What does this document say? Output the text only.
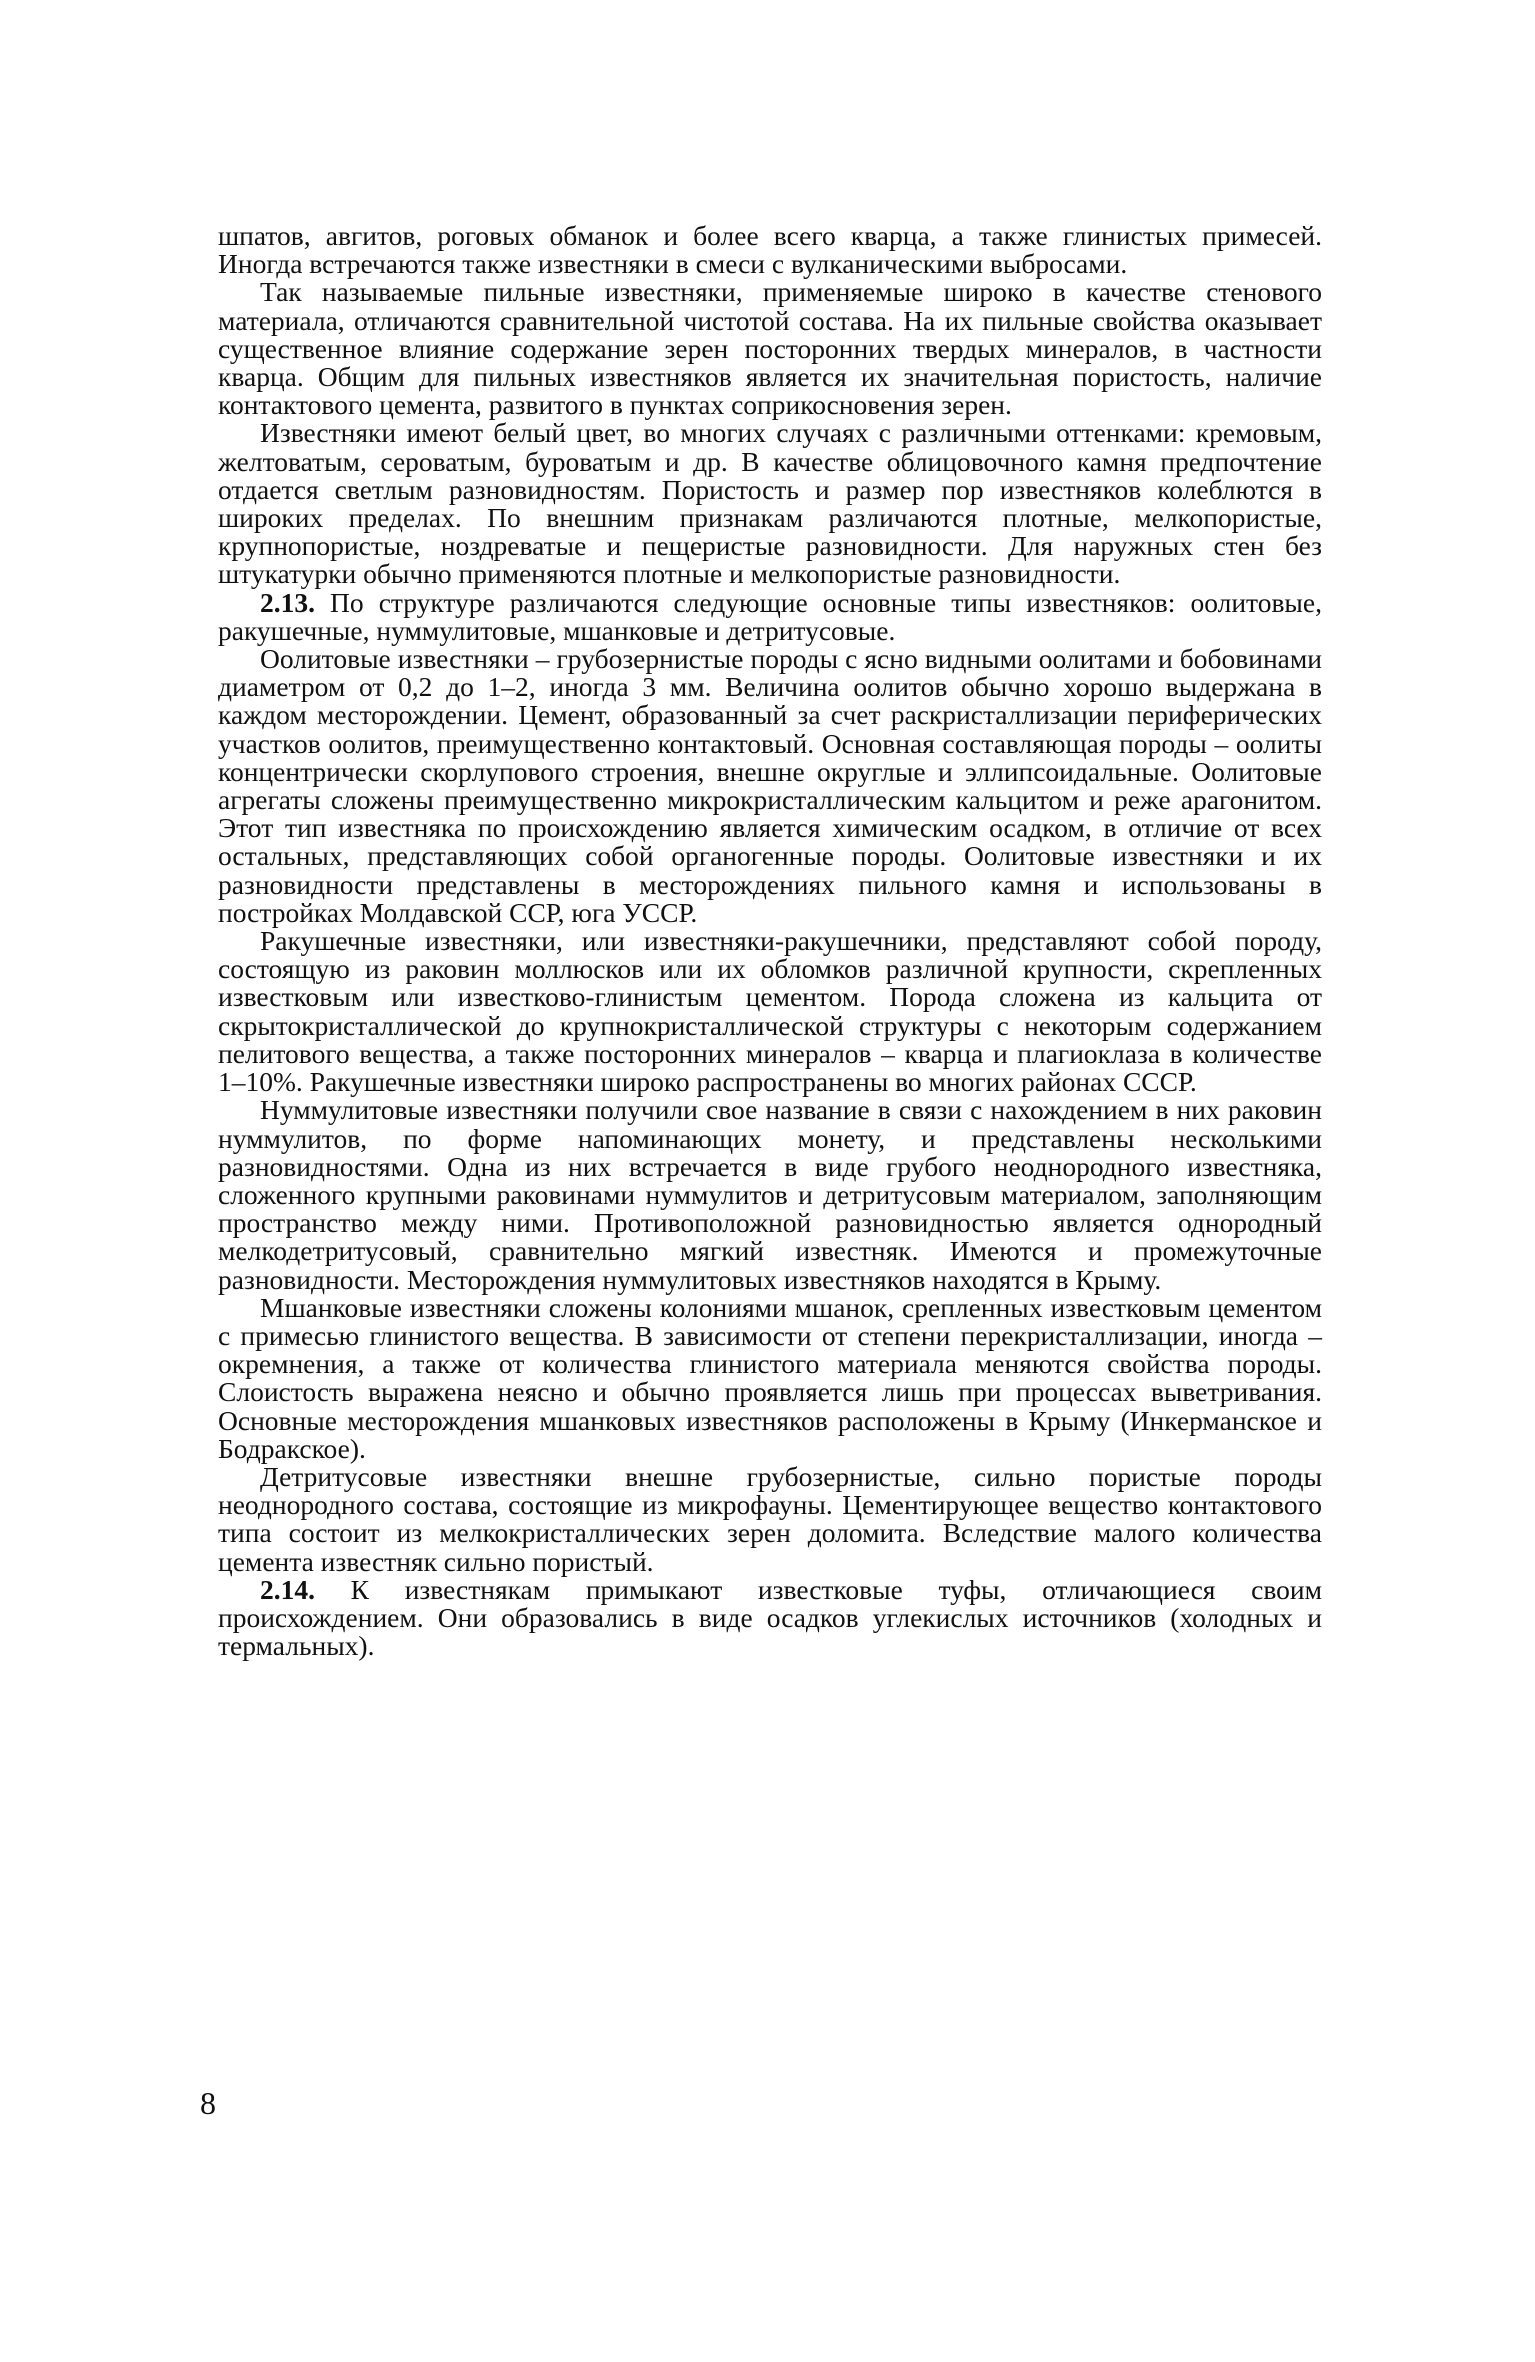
шпатов, авгитов, роговых обманок и более всего кварца, а также глинистых примесей. Иногда встречаются также известняки в смеси с вулканическими выбросами.

Так называемые пильные известняки, применяемые широко в качестве стенового материала, отличаются сравнительной чистотой состава. На их пильные свойства оказывает существенное влияние содержание зерен посторонних твердых минералов, в частности кварца. Общим для пильных известняков является их значительная пористость, наличие контактового цемента, развитого в пунктах соприкосновения зерен.

Известняки имеют белый цвет, во многих случаях с различными оттенками: кремовым, желтоватым, сероватым, буроватым и др. В качестве облицовочного камня предпочтение отдается светлым разновидностям. Пористость и размер пор известняков колеблются в широких пределах. По внешним признакам различаются плотные, мелкопористые, крупнопористые, ноздреватые и пещеристые разновидности. Для наружных стен без штукатурки обычно применяются плотные и мелкопористые разновидности.

2.13. По структуре различаются следующие основные типы известняков: оолитовые, ракушечные, нуммулитовые, мшанковые и детритусовые.

Оолитовые известняки – грубозернистые породы с ясно видными оолитами и бобовинами диаметром от 0,2 до 1–2, иногда 3 мм. Величина оолитов обычно хорошо выдержана в каждом месторождении. Цемент, образованный за счет раскристаллизации периферических участков оолитов, преимущественно контактовый. Основная составляющая породы – оолиты концентрически скорлупового строения, внешне округлые и эллипсоидальные. Оолитовые агрегаты сложены преимущественно микрокристаллическим кальцитом и реже арагонитом. Этот тип известняка по происхождению является химическим осадком, в отличие от всех остальных, представляющих собой органогенные породы. Оолитовые известняки и их разновидности представлены в месторождениях пильного камня и использованы в постройках Молдавской ССР, юга УССР.

Ракушечные известняки, или известняки-ракушечники, представляют собой породу, состоящую из раковин моллюсков или их обломков различной крупности, скрепленных известковым или известково-глинистым цементом. Порода сложена из кальцита от скрытокристаллической до крупнокристаллической структуры с некоторым содержанием пелитового вещества, а также посторонних минералов – кварца и плагиоклаза в количестве 1–10%. Ракушечные известняки широко распространены во многих районах СССР.

Нуммулитовые известняки получили свое название в связи с нахождением в них раковин нуммулитов, по форме напоминающих монету, и представлены несколькими разновидностями. Одна из них встречается в виде грубого неоднородного известняка, сложенного крупными раковинами нуммулитов и детритусовым материалом, заполняющим пространство между ними. Противоположной разновидностью является однородный мелкодетритусовый, сравнительно мягкий известняк. Имеются и промежуточные разновидности. Месторождения нуммулитовых известняков находятся в Крыму.

Мшанковые известняки сложены колониями мшанок, срепленных известковым цементом с примесью глинистого вещества. В зависимости от степени перекристаллизации, иногда – окремнения, а также от количества глинистого материала меняются свойства породы. Слоистость выражена неясно и обычно проявляется лишь при процессах выветривания. Основные месторождения мшанковых известняков расположены в Крыму (Инкерманское и Бодракское).

Детритусовые известняки внешне грубозернистые, сильно пористые породы неоднородного состава, состоящие из микрофауны. Цементирующее вещество контактового типа состоит из мелкокристаллических зерен доломита. Вследствие малого количества цемента известняк сильно пористый.

2.14. К известнякам примыкают известковые туфы, отличающиеся своим происхождением. Они образовались в виде осадков углекислых источников (холодных и термальных).

8
